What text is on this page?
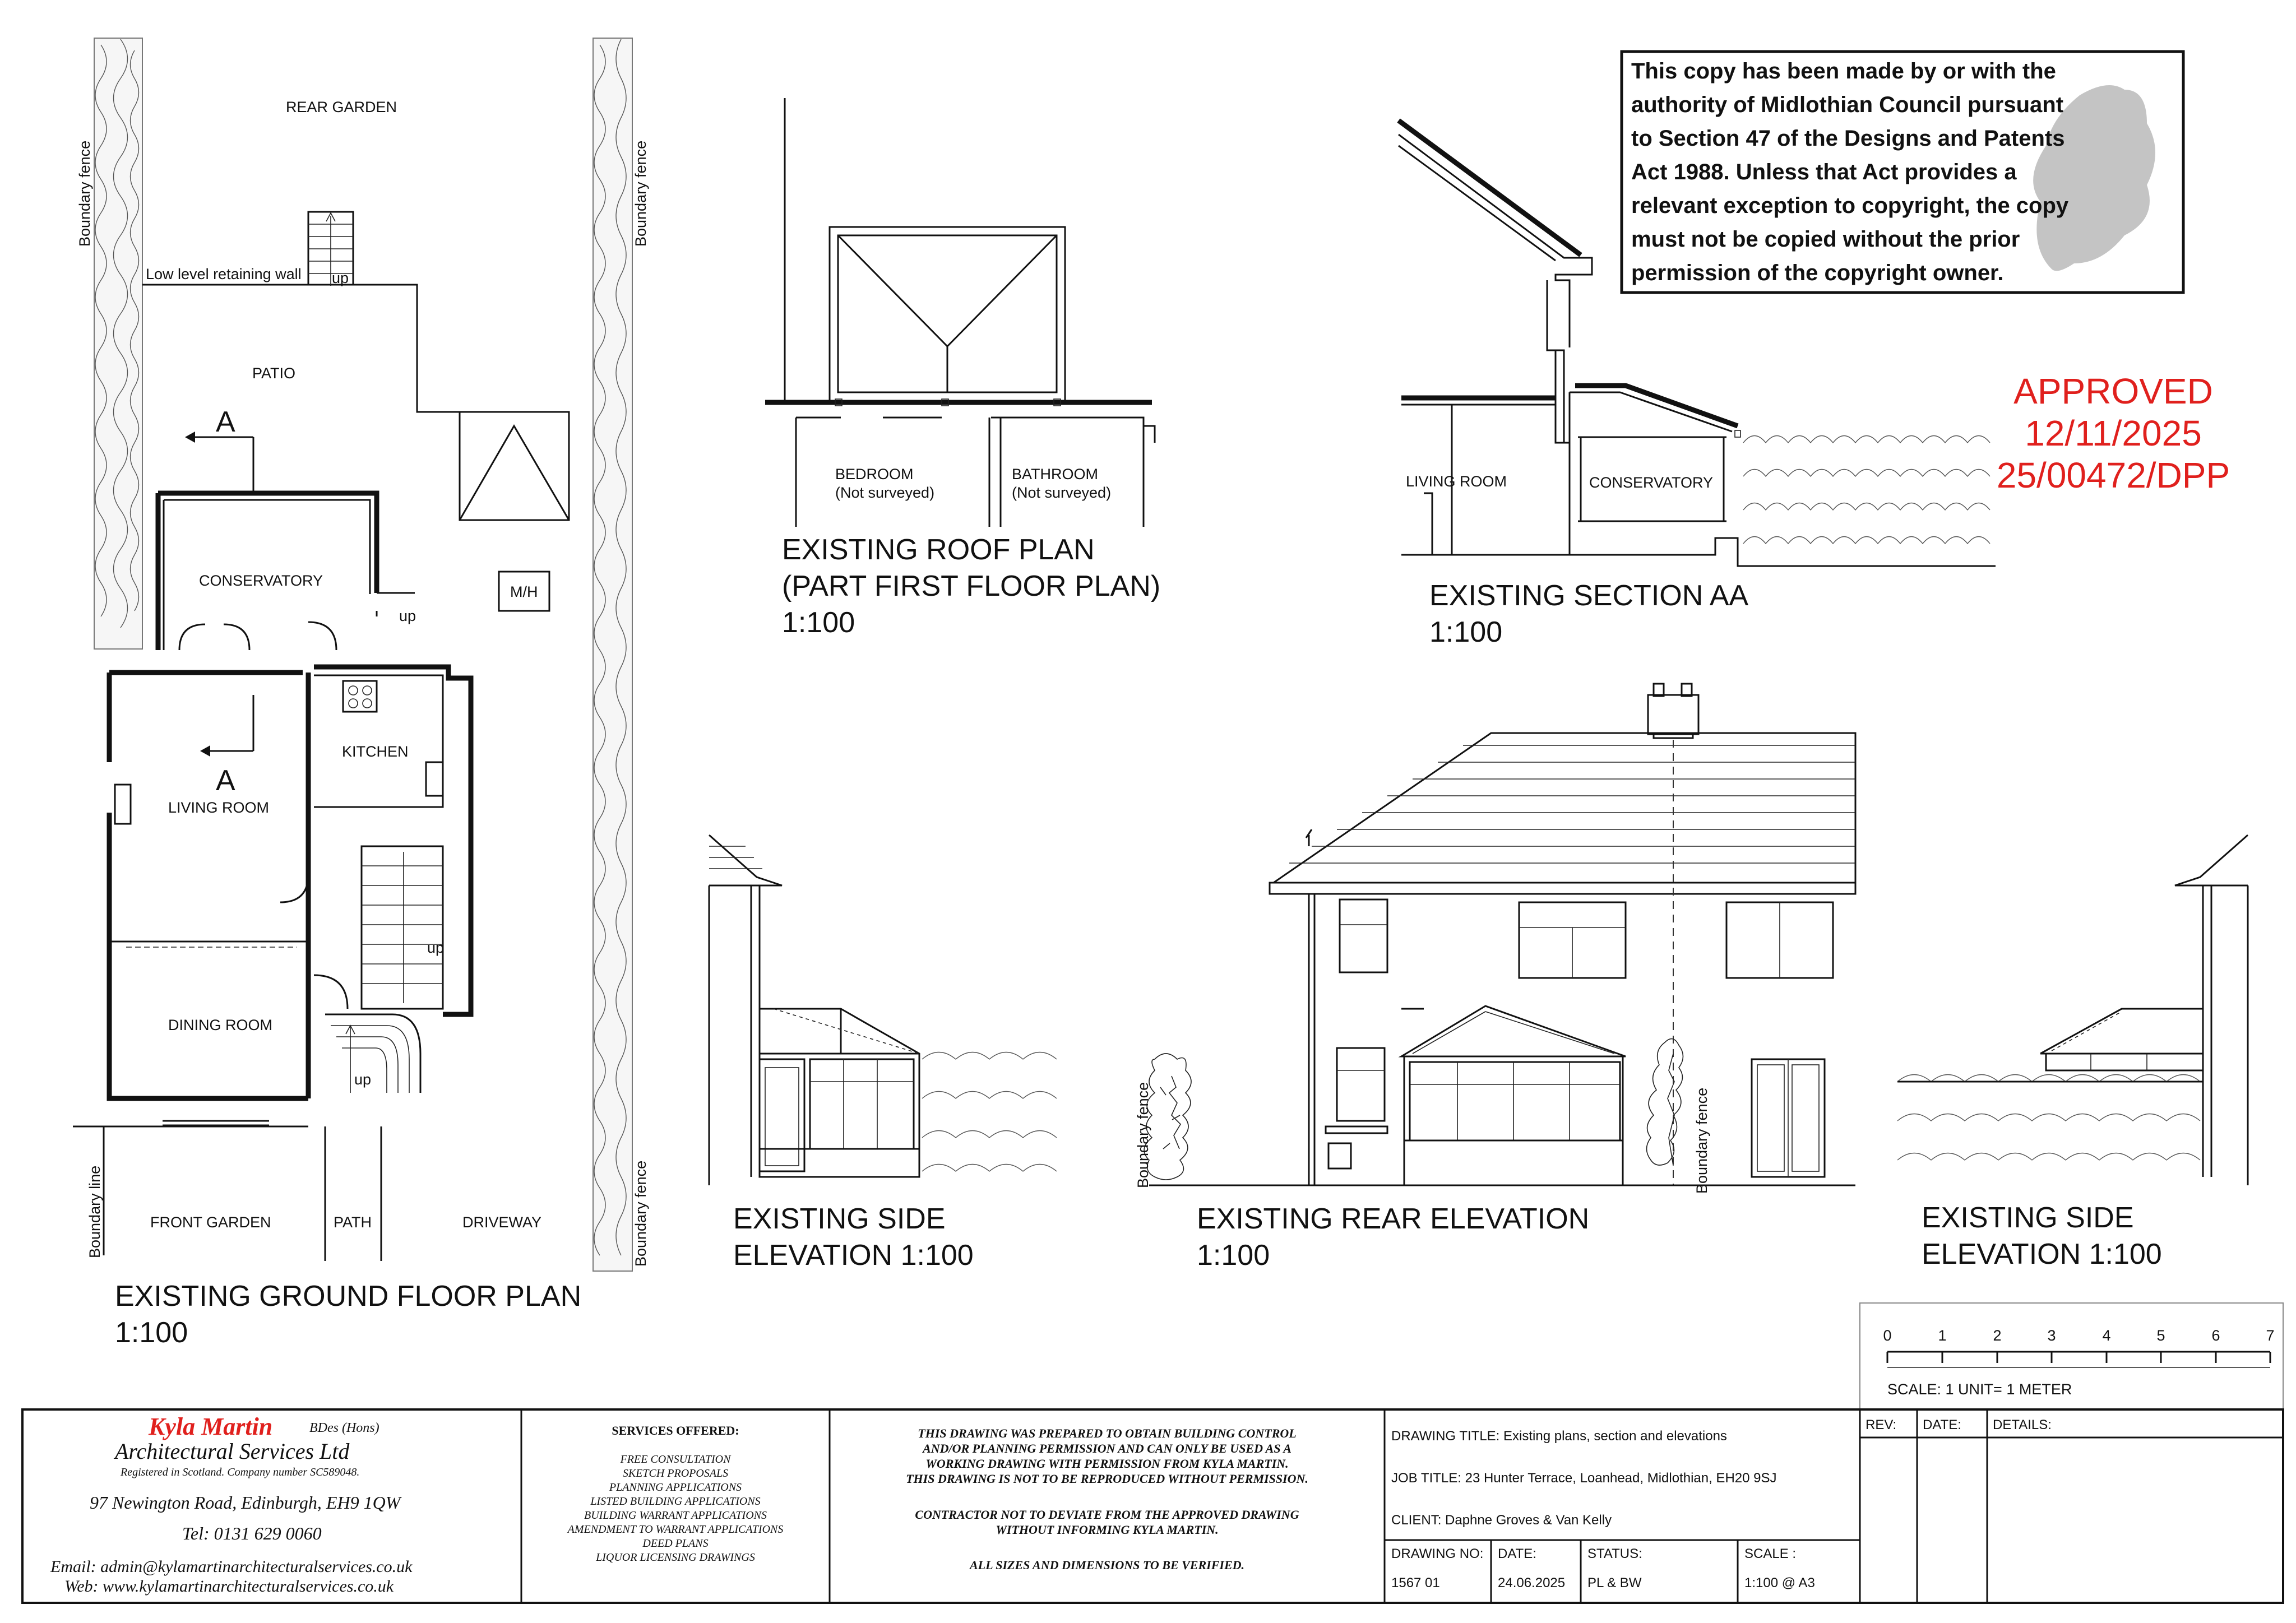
REAR GARDEN
Low level retaining wall
PATIO
CONSERVATORY
KITCHEN
LIVING ROOM
DINING ROOM
M/H
FRONT GARDEN	PATH	DRIVEWAY
up
up
up
up
A
A
Boundary fence	Boundary fence
Boundary fence
Boundary line
EXISTING GROUND FLOOR PLAN
1:100
BEDROOM
(Not surveyed)
BATHROOM
(Not surveyed)
EXISTING ROOF PLAN
(PART FIRST FLOOR PLAN)
1:100
LIVING ROOM	CONSERVATORY
EXISTING SECTION AA
1:100
This copy has been made by or with the
authority of Midlothian Council pursuant
to Section 47 of the Designs and Patents
Act 1988. Unless that Act provides a
relevant exception to copyright, the copy
must not be copied without the prior
permission of the copyright owner.
APPROVED
12/11/2025
25/00472/DPP
EXISTING SIDE
ELEVATION 1:100
Boundary fence	Boundary fence
EXISTING REAR ELEVATION
1:100
EXISTING SIDE
ELEVATION 1:100
0	1	2	3	4	5	6	7
SCALE: 1 UNIT= 1 METER
Kyla Martin	BDes (Hons)
Architectural Services Ltd
Registered in Scotland. Company number SC589048.
97 Newington Road, Edinburgh, EH9 1QW
Tel: 0131 629 0060
Email: admin@kylamartinarchitecturalservices.co.uk
Web: www.kylamartinarchitecturalservices.co.uk
SERVICES OFFERED:
FREE CONSULTATION
SKETCH PROPOSALS
PLANNING APPLICATIONS
LISTED BUILDING APPLICATIONS
BUILDING WARRANT APPLICATIONS
AMENDMENT TO WARRANT APPLICATIONS
DEED PLANS
LIQUOR LICENSING DRAWINGS
THIS DRAWING WAS PREPARED TO OBTAIN BUILDING CONTROL
AND/OR PLANNING PERMISSION AND CAN ONLY BE USED AS A
WORKING DRAWING WITH PERMISSION FROM KYLA MARTIN.
THIS DRAWING IS NOT TO BE REPRODUCED WITHOUT PERMISSION.
CONTRACTOR NOT TO DEVIATE FROM THE APPROVED DRAWING
WITHOUT INFORMING KYLA MARTIN.
ALL SIZES AND DIMENSIONS TO BE VERIFIED.
DRAWING TITLE: Existing plans, section and elevations
JOB TITLE: 23 Hunter Terrace, Loanhead, Midlothian, EH20 9SJ
CLIENT: Daphne Groves & Van Kelly
DRAWING NO:
1567 01
DATE:
24.06.2025
STATUS:
PL & BW
SCALE :
1:100 @ A3
REV: DATE: DETAILS:
